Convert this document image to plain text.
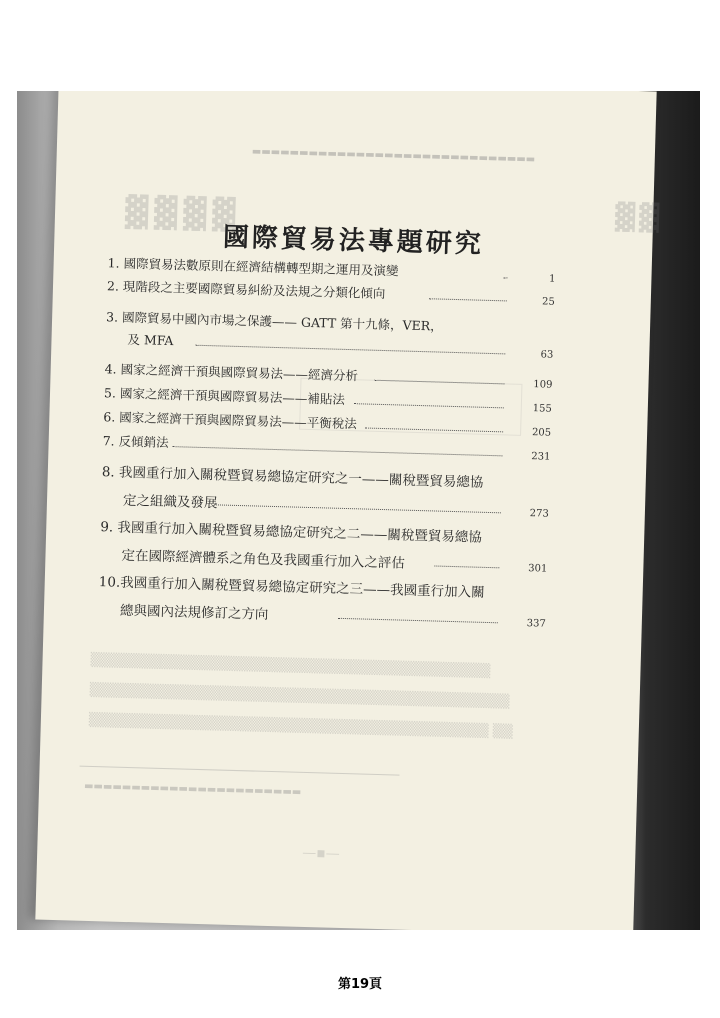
▬▬▬▬▬▬▬▬▬▬▬▬▬▬▬▬▬▬▬▬▬▬▬▬▬▬▬▬▬▬
▓▓▓▓	▓▓
▒▒▒▒▒▒▒▒▒▒▒▒▒▒▒▒▒▒▒▒▒▒▒▒▒▒▒▒▒▒▒▒▒▒▒▒▒▒▒▒ ▒▒▒▒▒▒▒▒▒▒▒▒▒▒▒▒▒▒▒▒▒▒▒▒▒▒▒▒▒▒▒▒▒▒▒▒▒▒▒▒▒▒ ▒▒▒▒▒▒▒▒▒▒▒▒▒▒▒▒▒▒▒▒▒▒▒▒▒▒▒▒▒▒▒▒▒▒▒▒▒▒▒▒ ▒▒
▬▬▬▬▬▬▬▬▬▬▬▬▬▬▬▬▬▬▬▬▬▬▬
—▪—
國際貿易法專題研究
1. 國際貿易法數原則在經濟結構轉型期之運用及演變
1
2. 現階段之主要國際貿易糾紛及法規之分類化傾向
25
3. 國際貿易中國內市場之保護—— GATT 第十九條，VER，
及 MFA
63
4. 國家之經濟干預與國際貿易法——經濟分析
109
5. 國家之經濟干預與國際貿易法——補貼法
155
6. 國家之經濟干預與國際貿易法——平衡稅法
205
7. 反傾銷法
231
8. 我國重行加入關稅暨貿易總協定研究之一——關稅暨貿易總協
定之組織及發展
273
9. 我國重行加入關稅暨貿易總協定研究之二——關稅暨貿易總協
定在國際經濟體系之角色及我國重行加入之評估	301
10.我國重行加入關稅暨貿易總協定研究之三——我國重行加入關
總與國內法規修訂之方向
337
第19頁
